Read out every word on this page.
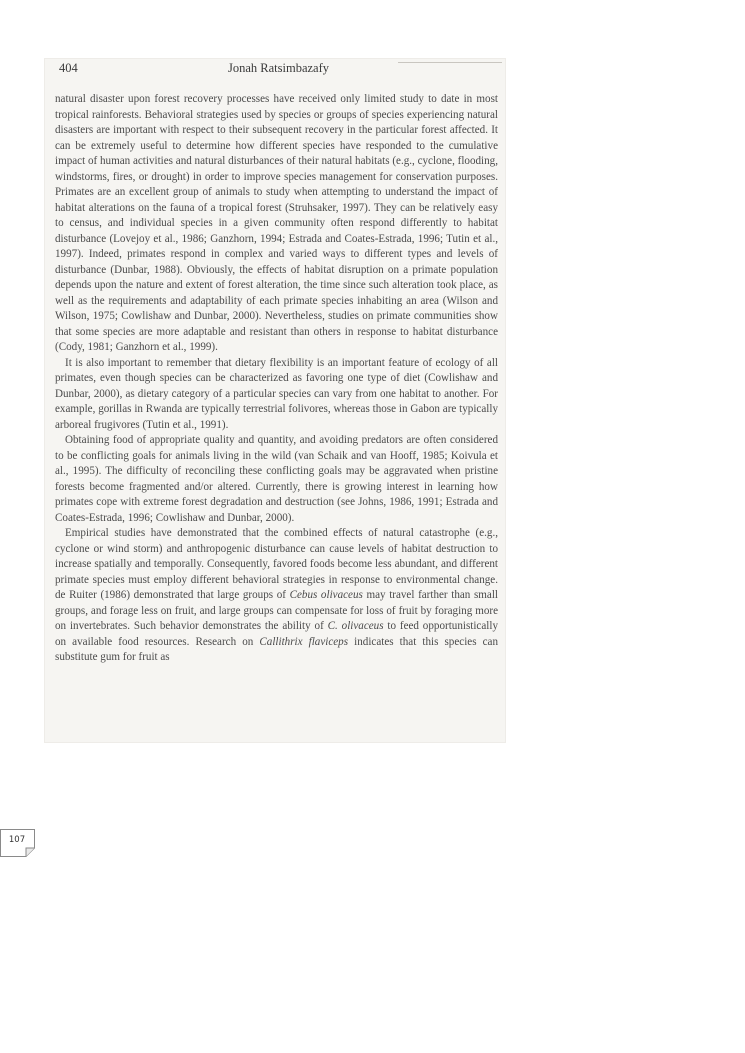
404	Jonah Ratsimbazafy

natural disaster upon forest recovery processes have received only limited study to date in most tropical rainforests. Behavioral strategies used by species or groups of species experiencing natural disasters are important with respect to their subsequent recovery in the particular forest affected. It can be extremely useful to determine how different species have responded to the cumulative impact of human activities and natural disturbances of their natural habitats (e.g., cyclone, flooding, windstorms, fires, or drought) in order to improve species management for conservation purposes. Primates are an excellent group of animals to study when attempting to understand the impact of habitat alterations on the fauna of a tropical forest (Struhsaker, 1997). They can be relatively easy to census, and individual species in a given community often respond differently to habitat disturbance (Lovejoy et al., 1986; Ganzhorn, 1994; Estrada and Coates-Estrada, 1996; Tutin et al., 1997). Indeed, primates respond in complex and varied ways to different types and levels of disturbance (Dunbar, 1988). Obviously, the effects of habitat disruption on a primate population depends upon the nature and extent of forest alteration, the time since such alteration took place, as well as the requirements and adaptability of each primate species inhabiting an area (Wilson and Wilson, 1975; Cowlishaw and Dunbar, 2000). Nevertheless, studies on primate communities show that some species are more adaptable and resistant than others in response to habitat disturbance (Cody, 1981; Ganzhorn et al., 1999).

It is also important to remember that dietary flexibility is an important feature of ecology of all primates, even though species can be characterized as favoring one type of diet (Cowlishaw and Dunbar, 2000), as dietary category of a particular species can vary from one habitat to another. For example, gorillas in Rwanda are typically terrestrial folivores, whereas those in Gabon are typically arboreal frugivores (Tutin et al., 1991).

Obtaining food of appropriate quality and quantity, and avoiding predators are often considered to be conflicting goals for animals living in the wild (van Schaik and van Hooff, 1985; Koivula et al., 1995). The difficulty of reconciling these conflicting goals may be aggravated when pristine forests become fragmented and/or altered. Currently, there is growing interest in learning how primates cope with extreme forest degradation and destruction (see Johns, 1986, 1991; Estrada and Coates-Estrada, 1996; Cowlishaw and Dunbar, 2000).

Empirical studies have demonstrated that the combined effects of natural catastrophe (e.g., cyclone or wind storm) and anthropogenic disturbance can cause levels of habitat destruction to increase spatially and temporally. Consequently, favored foods become less abundant, and different primate species must employ different behavioral strategies in response to environmental change. de Ruiter (1986) demonstrated that large groups of Cebus olivaceus may travel farther than small groups, and forage less on fruit, and large groups can compensate for loss of fruit by foraging more on invertebrates. Such behavior demonstrates the ability of C. olivaceus to feed opportunistically on available food resources. Research on Callithrix flaviceps indicates that this species can substitute gum for fruit as

107
